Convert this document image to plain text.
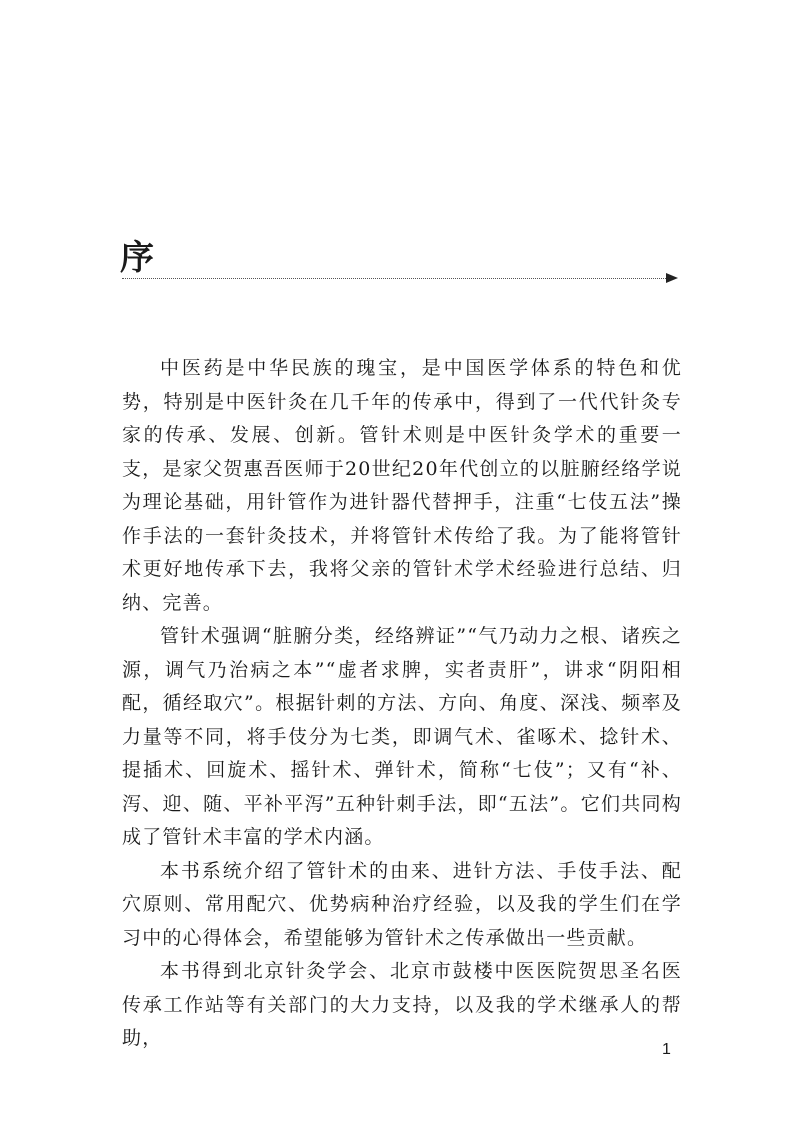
序

中医药是中华民族的瑰宝，是中国医学体系的特色和优势，特别是中医针灸在几千年的传承中，得到了一代代针灸专家的传承、发展、创新。管针术则是中医针灸学术的重要一支，是家父贺惠吾医师于20世纪20年代创立的以脏腑经络学说为理论基础，用针管作为进针器代替押手，注重“七伎五法”操作手法的一套针灸技术，并将管针术传给了我。为了能将管针术更好地传承下去，我将父亲的管针术学术经验进行总结、归纳、完善。

管针术强调“脏腑分类，经络辨证”“气乃动力之根、诸疾之源，调气乃治病之本”“虚者求脾，实者责肝”，讲求“阴阳相配，循经取穴”。根据针刺的方法、方向、角度、深浅、频率及力量等不同，将手伎分为七类，即调气术、雀啄术、捻针术、提插术、回旋术、摇针术、弹针术，简称“七伎”；又有“补、泻、迎、随、平补平泻”五种针刺手法，即“五法”。它们共同构成了管针术丰富的学术内涵。

本书系统介绍了管针术的由来、进针方法、手伎手法、配穴原则、常用配穴、优势病种治疗经验，以及我的学生们在学习中的心得体会，希望能够为管针术之传承做出一些贡献。

本书得到北京针灸学会、北京市鼓楼中医医院贺思圣名医传承工作站等有关部门的大力支持，以及我的学术继承人的帮助，

1
